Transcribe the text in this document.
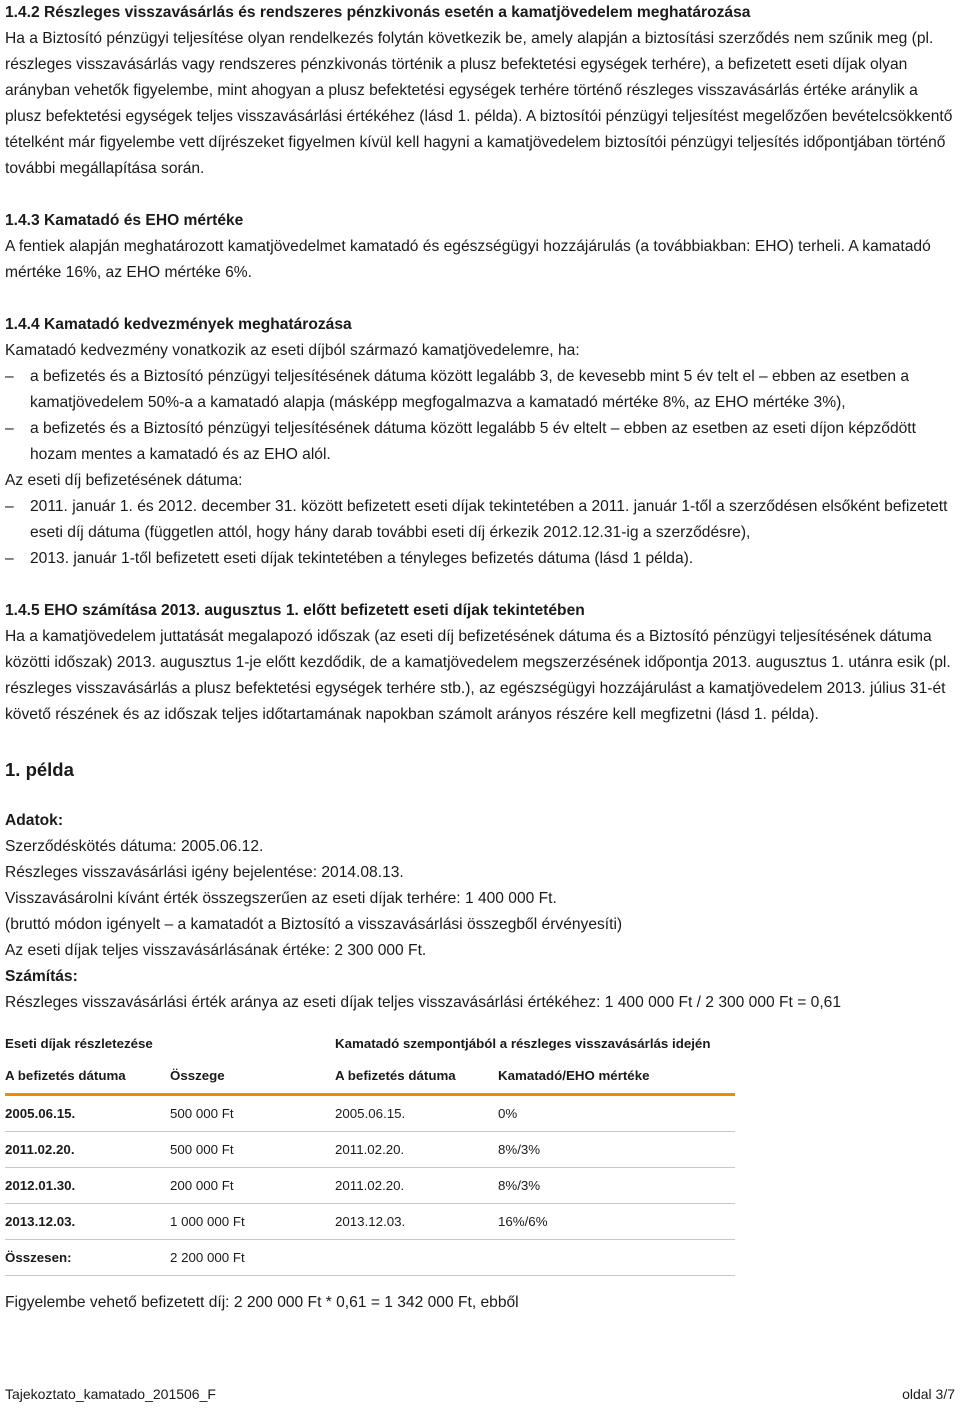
1.4.2 Részleges visszavásárlás és rendszeres pénzkivonás esetén a kamatjövedelem meghatározása

Ha a Biztosító pénzügyi teljesítése olyan rendelkezés folytán következik be, amely alapján a biztosítási szerződés nem szűnik meg (pl. részleges visszavásárlás vagy rendszeres pénzkivonás történik a plusz befektetési egységek terhére), a befizetett eseti díjak olyan arányban vehetők figyelembe, mint ahogyan a plusz befektetési egységek terhére történő részleges visszavásárlás értéke aránylik a plusz befektetési egységek teljes visszavásárlási értékéhez (lásd 1. példa). A biztosítói pénzügyi teljesítést megelőzően bevételcsökkentő tételként már figyelembe vett díjrészeket figyelmen kívül kell hagyni a kamatjövedelem biztosítói pénzügyi teljesítés időpontjában történő további megállapítása során.

1.4.3 Kamatadó és EHO mértéke

A fentiek alapján meghatározott kamatjövedelmet kamatadó és egészségügyi hozzájárulás (a továbbiakban: EHO) terheli. A kamatadó mértéke 16%, az EHO mértéke 6%.

1.4.4 Kamatadó kedvezmények meghatározása

Kamatadó kedvezmény vonatkozik az eseti díjból származó kamatjövedelemre, ha:

– a befizetés és a Biztosító pénzügyi teljesítésének dátuma között legalább 3, de kevesebb mint 5 év telt el – ebben az esetben a kamatjövedelem 50%-a a kamatadó alapja (másképp megfogalmazva a kamatadó mértéke 8%, az EHO mértéke 3%),
– a befizetés és a Biztosító pénzügyi teljesítésének dátuma között legalább 5 év eltelt – ebben az esetben az eseti díjon képződött hozam mentes a kamatadó és az EHO alól.

Az eseti díj befizetésének dátuma:

– 2011. január 1. és 2012. december 31. között befizetett eseti díjak tekintetében a 2011. január 1-től a szerződésen elsőként befizetett eseti díj dátuma (független attól, hogy hány darab további eseti díj érkezik 2012.12.31-ig a szerződésre),
– 2013. január 1-től befizetett eseti díjak tekintetében a tényleges befizetés dátuma (lásd 1 példa).

1.4.5 EHO számítása 2013. augusztus 1. előtt befizetett eseti díjak tekintetében

Ha a kamatjövedelem juttatását megalapozó időszak (az eseti díj befizetésének dátuma és a Biztosító pénzügyi teljesítésének dátuma közötti időszak) 2013. augusztus 1-je előtt kezdődik, de a kamatjövedelem megszerzésének időpontja 2013. augusztus 1. utánra esik (pl. részleges visszavásárlás a plusz befektetési egységek terhére stb.), az egészségügyi hozzájárulást a kamatjövedelem 2013. július 31-ét követő részének és az időszak teljes időtartamának napokban számolt arányos részére kell megfizetni (lásd 1. példa).

1. példa

Adatok:

Szerződéskötés dátuma: 2005.06.12.

Részleges visszavásárlási igény bejelentése: 2014.08.13.

Visszavásárolni kívánt érték összegszerűen az eseti díjak terhére: 1 400 000 Ft.

(bruttó módon igényelt – a kamatadót a Biztosító a visszavásárlási összegből érvényesíti)

Az eseti díjak teljes visszavásárlásának értéke: 2 300 000 Ft.

Számítás:

Részleges visszavásárlási érték aránya az eseti díjak teljes visszavásárlási értékéhez: 1 400 000 Ft / 2 300 000 Ft = 0,61

Eseti díjak részletezése		Kamatadó szempontjából a részleges visszavásárlás idején	
A befizetés dátuma	Összege	A befizetés dátuma	Kamatadó/EHO mértéke
2005.06.15.	500 000 Ft	2005.06.15.	0%
2011.02.20.	500 000 Ft	2011.02.20.	8%/3%
2012.01.30.	200 000 Ft	2011.02.20.	8%/3%
2013.12.03.	1 000 000 Ft	2013.12.03.	16%/6%
Összesen:	2 200 000 Ft		

Figyelembe vehető befizetett díj: 2 200 000 Ft * 0,61 = 1 342 000 Ft, ebből

Tajekoztato_kamatado_201506_F	oldal 3/7
